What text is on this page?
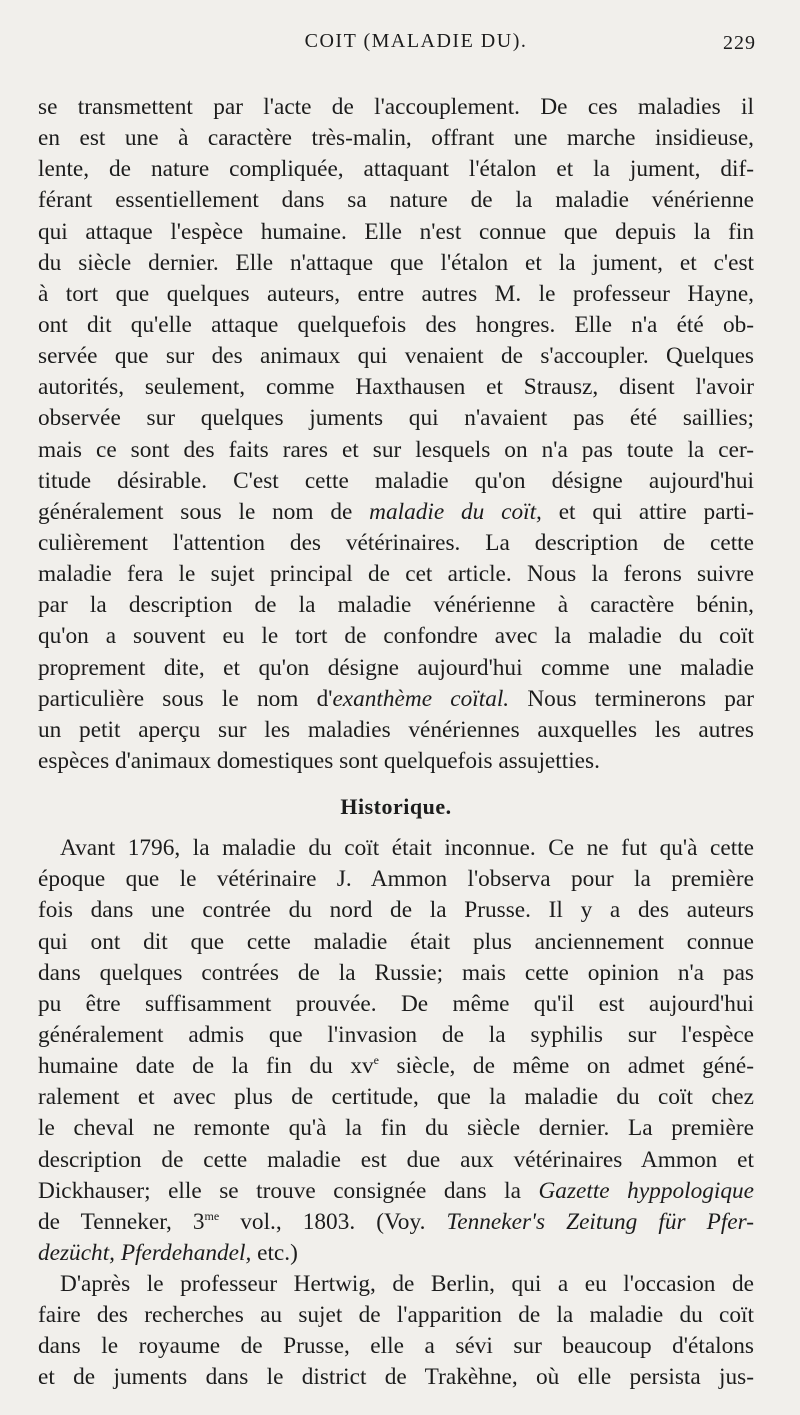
COIT (MALADIE DU).	229
se transmettent par l'acte de l'accouplement. De ces maladies il
en est une à caractère très-malin, offrant une marche insidieuse,
lente, de nature compliquée, attaquant l'étalon et la jument, dif-
férant essentiellement dans sa nature de la maladie vénérienne
qui attaque l'espèce humaine. Elle n'est connue que depuis la fin
du siècle dernier. Elle n'attaque que l'étalon et la jument, et c'est
à tort que quelques auteurs, entre autres M. le professeur Hayne,
ont dit qu'elle attaque quelquefois des hongres. Elle n'a été ob-
servée que sur des animaux qui venaient de s'accoupler. Quelques
autorités, seulement, comme Haxthausen et Strausz, disent l'avoir
observée sur quelques juments qui n'avaient pas été saillies;
mais ce sont des faits rares et sur lesquels on n'a pas toute la cer-
titude désirable. C'est cette maladie qu'on désigne aujourd'hui
généralement sous le nom de maladie du coït, et qui attire parti-
culièrement l'attention des vétérinaires. La description de cette
maladie fera le sujet principal de cet article. Nous la ferons suivre
par la description de la maladie vénérienne à caractère bénin,
qu'on a souvent eu le tort de confondre avec la maladie du coït
proprement dite, et qu'on désigne aujourd'hui comme une maladie
particulière sous le nom d'exanthème coïtal. Nous terminerons par
un petit aperçu sur les maladies vénériennes auxquelles les autres
espèces d'animaux domestiques sont quelquefois assujetties.
Historique.
Avant 1796, la maladie du coït était inconnue. Ce ne fut qu'à cette
époque que le vétérinaire J. Ammon l'observa pour la première
fois dans une contrée du nord de la Prusse. Il y a des auteurs
qui ont dit que cette maladie était plus anciennement connue
dans quelques contrées de la Russie; mais cette opinion n'a pas
pu être suffisamment prouvée. De même qu'il est aujourd'hui
généralement admis que l'invasion de la syphilis sur l'espèce
humaine date de la fin du $xv^e$ siècle, de même on admet géné-
ralement et avec plus de certitude, que la maladie du coït chez
le cheval ne remonte qu'à la fin du siècle dernier. La première
description de cette maladie est due aux vétérinaires Ammon et
Dickhauser; elle se trouve consignée dans la Gazette hyppologique
de Tenneker, $3^{me}$ vol., 1803. (Voy. Tenneker's Zeitung für Pfer-
dezücht, Pferdehandel, etc.)
D'après le professeur Hertwig, de Berlin, qui a eu l'occasion de
faire des recherches au sujet de l'apparition de la maladie du coït
dans le royaume de Prusse, elle a sévi sur beaucoup d'étalons
et de juments dans le district de Trakèhne, où elle persista jus-
